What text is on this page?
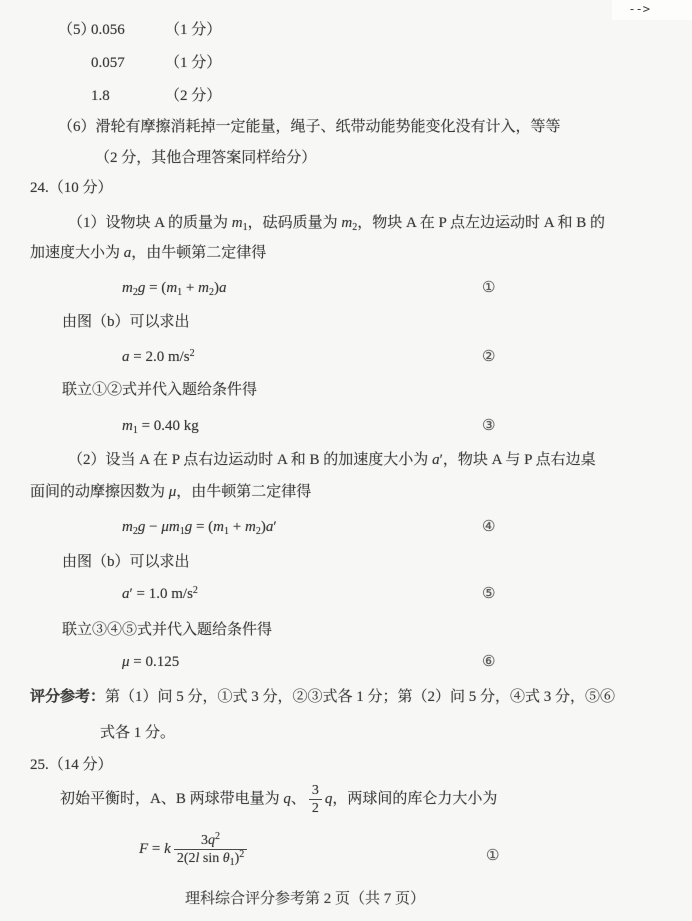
-->
（5）
0.056	（1 分）
0.057	（1 分）
1.8	（2 分）
（6）滑轮有摩擦消耗掉一定能量，绳子、纸带动能势能变化没有计入，等等
（2 分，其他合理答案同样给分）
24.（10 分）
（1）设物块 A 的质量为 $m_1$，砝码质量为 $m_2$，物块 A 在 P 点左边运动时 A 和 B 的
加速度大小为 a，由牛顿第二定律得
$m_2g = (m_1 + m_2)a$	①
由图（b）可以求出
a = 2.0 $m/s^2$	②
联立①②式并代入题给条件得
$m_1 = 0.40$ kg	③
（2）设当 A 在 P 点右边运动时 A 和 B 的加速度大小为 a′，物块 A 与 P 点右边桌
面间的动摩擦因数为 μ，由牛顿第二定律得
$m_2g - \mu m_1g = (m_1 + m_2)a'$	④
由图（b）可以求出
a′ = 1.0 $m/s^2$	⑤
联立③④⑤式并代入题给条件得
μ = 0.125	⑥
评分参考：第（1）问 5 分，①式 3 分，②③式各 1 分；第（2）问 5 分，④式 3 分，⑤⑥
式各 1 分。
25.（14 分）
初始平衡时，A、B 两球带电量为 q、 $\frac{3}{2}$ q，两球间的库仑力大小为
F = k $\frac{3q^2}{2(2l \sin \theta_1)^2}$	①
理科综合评分参考第 2 页（共 7 页）
